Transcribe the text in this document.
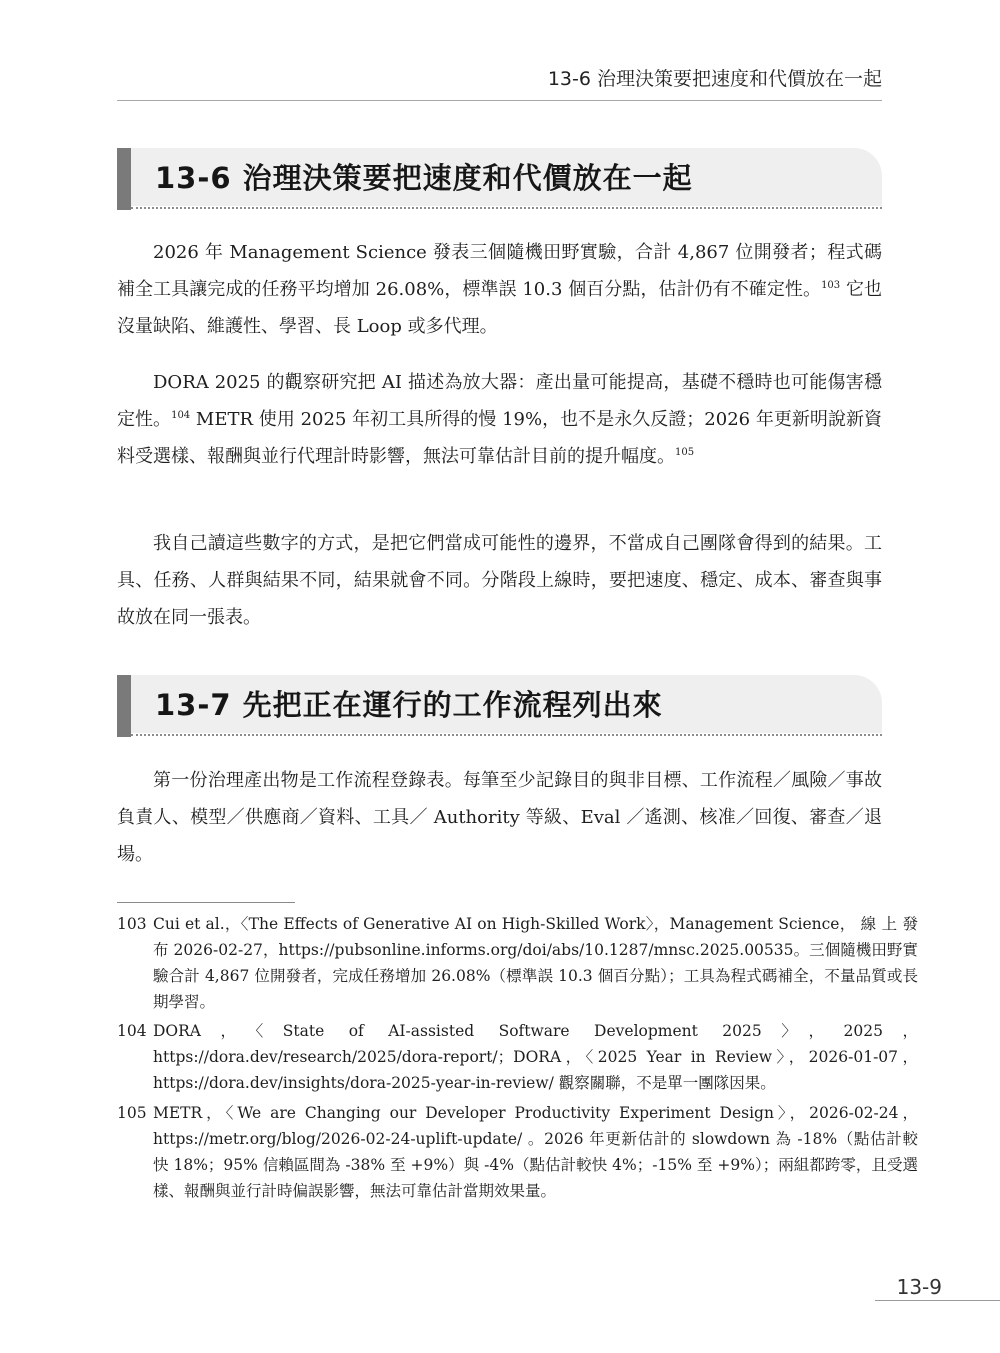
13-6 治理決策要把速度和代價放在一起
13-6 治理決策要把速度和代價放在一起

2026 年 Management Science 發表三個隨機田野實驗，合計 4,867 位開發者；程式碼補全工具讓完成的任務平均增加 26.08%，標準誤 10.3 個百分點，估計仍有不確定性。$^{103}$ 它也沒量缺陷、維護性、學習、長 Loop 或多代理。

DORA 2025 的觀察研究把 AI 描述為放大器：產出量可能提高，基礎不穩時也可能傷害穩定性。$^{104}$ METR 使用 2025 年初工具所得的慢 19%，也不是永久反證；2026 年更新明說新資料受選樣、報酬與並行代理計時影響，無法可靠估計目前的提升幅度。$^{105}$

我自己讀這些數字的方式，是把它們當成可能性的邊界，不當成自己團隊會得到的結果。工具、任務、人群與結果不同，結果就會不同。分階段上線時，要把速度、穩定、成本、審查與事故放在同一張表。

13-7 先把正在運行的工作流程列出來

第一份治理產出物是工作流程登錄表。每筆至少記錄目的與非目標、工作流程／風險／事故負責人、模型／供應商／資料、工具／ Authority 等級、Eval ／遙測、核准／回復、審查／退場。

103 Cui et al.，〈The Effects of Generative AI on High-Skilled Work〉，Management Science， 線 上 發 布 2026-02-27，https://pubsonline.informs.org/doi/abs/10.1287/mnsc.2025.00535。三個隨機田野實驗合計 4,867 位開發者，完成任務增加 26.08%（標準誤 10.3 個百分點）；工具為程式碼補全，不量品質或長期學習。

104 DORA，〈State of AI-assisted Software Development 2025〉，2025，https://dora.dev/research/2025/dora-report/；DORA，〈2025 Year in Review〉，2026-01-07，https://dora.dev/insights/dora-2025-year-in-review/ 觀察關聯，不是單一團隊因果。

105 METR，〈We are Changing our Developer Productivity Experiment Design〉，2026-02-24，https://metr.org/blog/2026-02-24-uplift-update/ 。2026 年更新估計的 slowdown 為 -18%（點估計較快 18%；95% 信賴區間為 -38% 至 +9%）與 -4%（點估計較快 4%；-15% 至 +9%）；兩組都跨零，且受選樣、報酬與並行計時偏誤影響，無法可靠估計當期效果量。

13-9
